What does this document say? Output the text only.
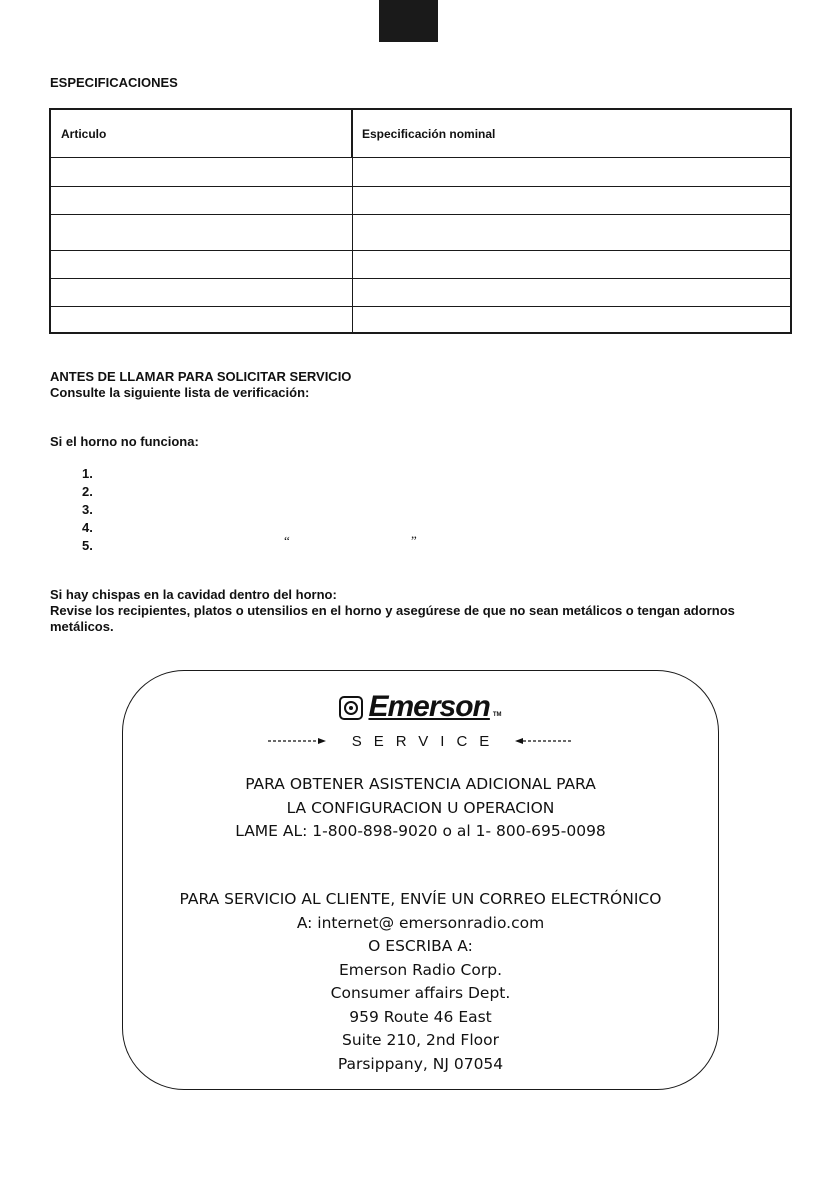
ESPECIFICACIONES
Articulo	Especificación nominal
ANTES DE LLAMAR PARA SOLICITAR SERVICIO
Consulte la siguiente lista de verificación:
Si el horno no funciona:
1.
2.
3.
4.
5.	“	”
Si hay chispas en la cavidad dentro del horno:
Revise los recipientes, platos o utensilios en el horno y asegúrese de que no sean metálicos o tengan adornos metálicos.
Emerson TM
SERVICE
PARA OBTENER ASISTENCIA ADICIONAL PARA
LA CONFIGURACION U OPERACION
LAME AL: 1-800-898-9020 o al 1- 800-695-0098
PARA SERVICIO AL CLIENTE, ENVÍE UN CORREO ELECTRÓNICO
A: internet@ emersonradio.com
O ESCRIBA A:
Emerson Radio Corp.
Consumer affairs Dept.
959 Route 46 East
Suite 210, 2nd Floor
Parsippany, NJ 07054
